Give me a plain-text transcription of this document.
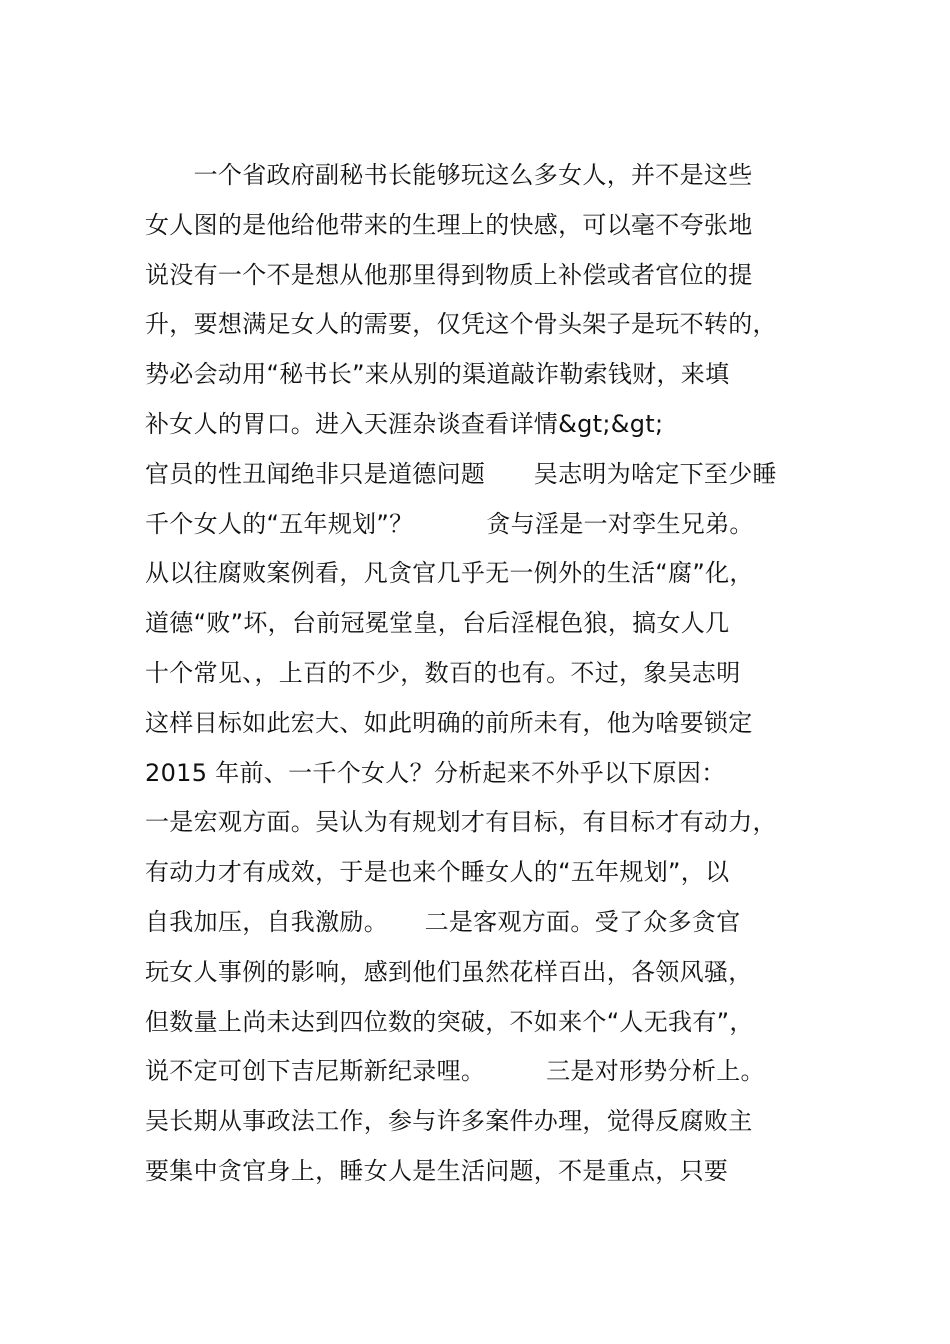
　　一个省政府副秘书长能够玩这么多女人，并不是这些
女人图的是他给他带来的生理上的快感，可以毫不夸张地
说没有一个不是想从他那里得到物质上补偿或者官位的提
升，要想满足女人的需要，仅凭这个骨头架子是玩不转的，
势必会动用“秘书长”来从别的渠道敲诈勒索钱财，来填
补女人的胃口。进入天涯杂谈查看详情&gt;&gt;
官员的性丑闻绝非只是道德问题　　吴志明为啥定下至少睡
千个女人的“五年规划”？　　　贪与淫是一对孪生兄弟。
从以往腐败案例看，凡贪官几乎无一例外的生活“腐”化，
道德“败”坏，台前冠冕堂皇，台后淫棍色狼，搞女人几
十个常见、，上百的不少，数百的也有。不过，象吴志明
这样目标如此宏大、如此明确的前所未有，他为啥要锁定
2015 年前、一千个女人？分析起来不外乎以下原因：
一是宏观方面。吴认为有规划才有目标，有目标才有动力，
有动力才有成效，于是也来个睡女人的“五年规划”，以
自我加压，自我激励。　　二是客观方面。受了众多贪官
玩女人事例的影响，感到他们虽然花样百出，各领风骚，
但数量上尚未达到四位数的突破，不如来个“人无我有”，
说不定可创下吉尼斯新纪录哩。　　　三是对形势分析上。
吴长期从事政法工作，参与许多案件办理，觉得反腐败主
要集中贪官身上，睡女人是生活问题，不是重点，只要
